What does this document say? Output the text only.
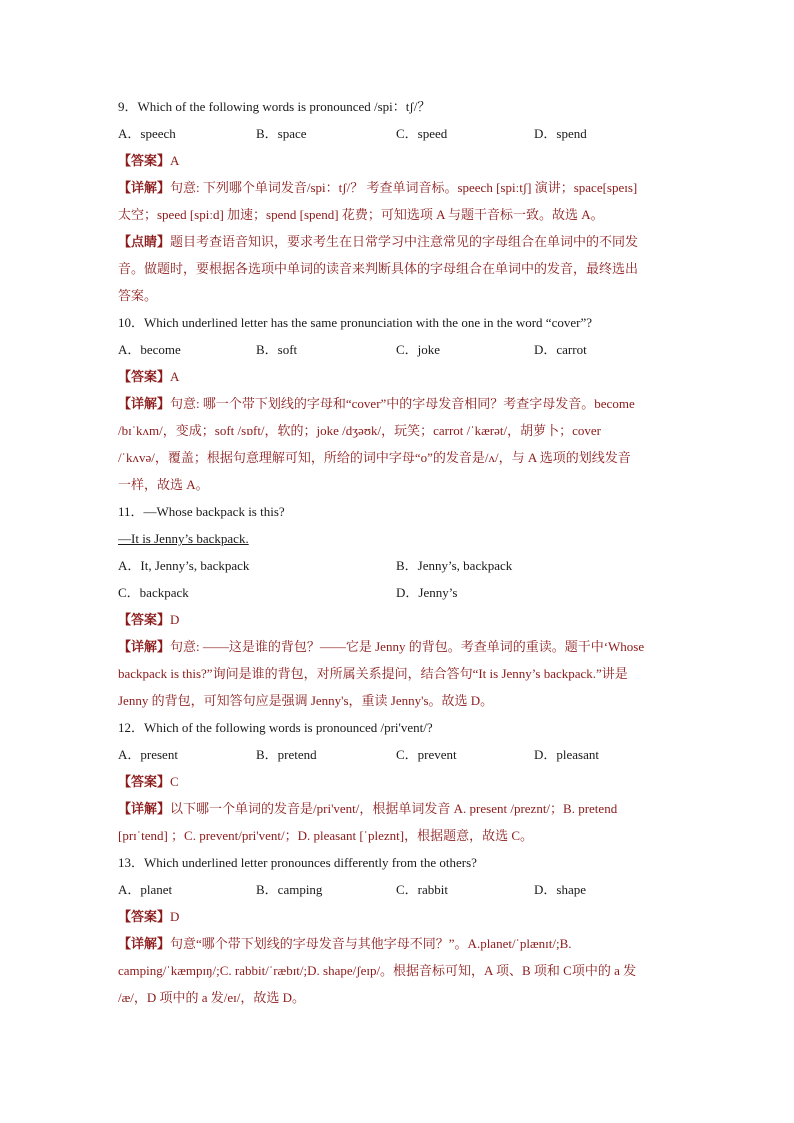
9．Which of the following words is pronounced /spi：tʃ/？
A．speech	B．space	C．speed	D．spend
【答案】A
【详解】句意: 下列哪个单词发音/spi：tʃ/？ 考查单词音标。speech [spiːtʃ] 演讲；space[speɪs]
太空；speed [spiːd] 加速；spend [spend] 花费；可知选项 A 与题干音标一致。故选 A。
【点睛】题目考查语音知识，要求考生在日常学习中注意常见的字母组合在单词中的不同发
音。做题时，要根据各选项中单词的读音来判断具体的字母组合在单词中的发音，最终选出
答案。
10．Which underlined letter has the same pronunciation with the one in the word “cover”?
A．become	B．soft	C．joke	D．carrot
【答案】A
【详解】句意: 哪一个带下划线的字母和“cover”中的字母发音相同？考查字母发音。become
/bɪˈkʌm/，变成；soft /sɒft/，软的；joke /dʒəʊk/，玩笑；carrot /ˈkærət/，胡萝卜；cover
/ˈkʌvə/，覆盖；根据句意理解可知，所给的词中字母“o”的发音是/ʌ/，与 A 选项的划线发音
一样，故选 A。
11．—Whose backpack is this?
—It is Jenny’s backpack.
A．It, Jenny’s, backpack	B．Jenny’s, backpack
C．backpack	D．Jenny’s
【答案】D
【详解】句意: ——这是谁的背包？——它是 Jenny 的背包。考查单词的重读。题干中‘Whose
backpack is this?”询问是谁的背包，对所属关系提问，结合答句“It is Jenny’s backpack.”讲是
Jenny 的背包，可知答句应是强调 Jenny's，重读 Jenny's。故选 D。
12．Which of the following words is pronounced /pri'vent/?
A．present	B．pretend	C．prevent	D．pleasant
【答案】C
【详解】以下哪一个单词的发音是/pri'vent/，根据单词发音 A. present /preznt/；B. pretend
[prɪˈtend] ；C. prevent/pri'vent/；D. pleasant [ˈpleznt]，根据题意，故选 C。
13．Which underlined letter pronounces differently from the others?
A．planet	B．camping	C．rabbit	D．shape
【答案】D
【详解】句意“哪个带下划线的字母发音与其他字母不同？”。A.planet/ˈplænɪt/;B.
camping/ˈkæmpɪŋ/;C. rabbit/ˈræbɪt/;D. shape/ʃeɪp/。根据音标可知，A 项、B 项和 C项中的 a 发
/æ/，D 项中的 a 发/eɪ/，故选 D。
